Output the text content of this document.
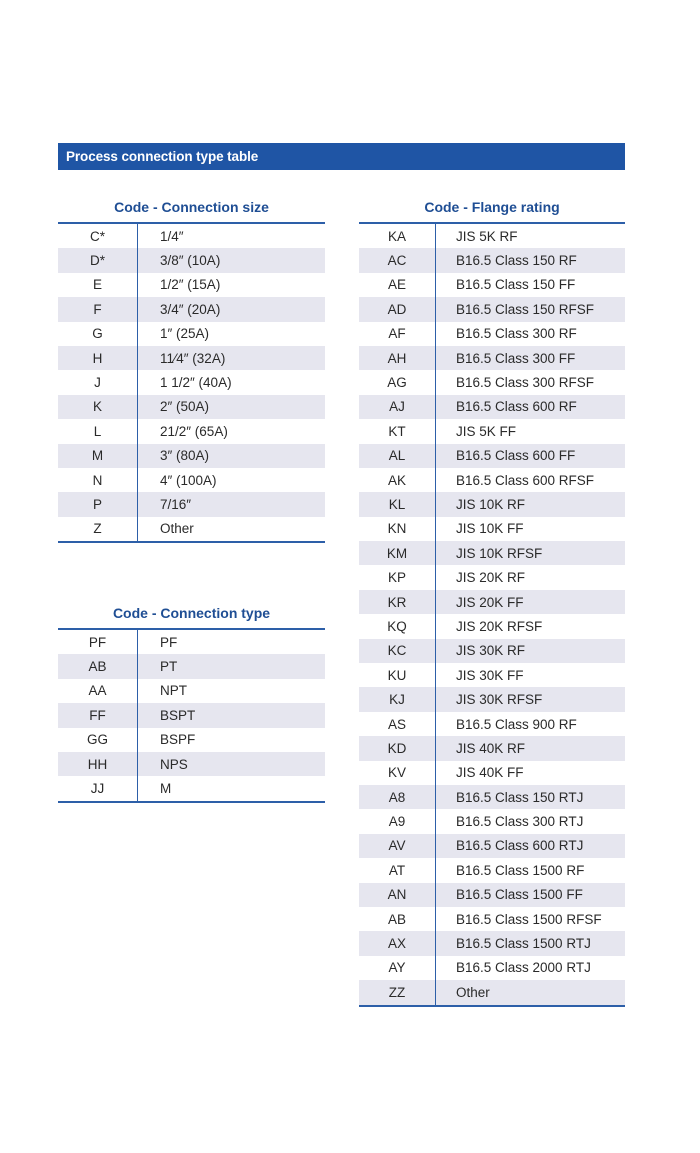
Process connection type table
Code - Connection size
C*	1/4″
D*	3/8″ (10A)
E	1/2″ (15A)
F	3/4″ (20A)
G	1″ (25A)
H	11⁄4″ (32A)
J	1 1/2″ (40A)
K	2″ (50A)
L	21/2″ (65A)
M	3″ (80A)
N	4″ (100A)
P	7/16″
Z	Other
Code - Connection type
PF	PF
AB	PT
AA	NPT
FF	BSPT
GG	BSPF
HH	NPS
JJ	M
Code - Flange rating
KA	JIS 5K RF
AC	B16.5 Class 150 RF
AE	B16.5 Class 150 FF
AD	B16.5 Class 150 RFSF
AF	B16.5 Class 300 RF
AH	B16.5 Class 300 FF
AG	B16.5 Class 300 RFSF
AJ	B16.5 Class 600 RF
KT	JIS 5K FF
AL	B16.5 Class 600 FF
AK	B16.5 Class 600 RFSF
KL	JIS 10K RF
KN	JIS 10K FF
KM	JIS 10K RFSF
KP	JIS 20K RF
KR	JIS 20K FF
KQ	JIS 20K RFSF
KC	JIS 30K RF
KU	JIS 30K FF
KJ	JIS 30K RFSF
AS	B16.5 Class 900 RF
KD	JIS 40K RF
KV	JIS 40K FF
A8	B16.5 Class 150 RTJ
A9	B16.5 Class 300 RTJ
AV	B16.5 Class 600 RTJ
AT	B16.5 Class 1500 RF
AN	B16.5 Class 1500 FF
AB	B16.5 Class 1500 RFSF
AX	B16.5 Class 1500 RTJ
AY	B16.5 Class 2000 RTJ
ZZ	Other
